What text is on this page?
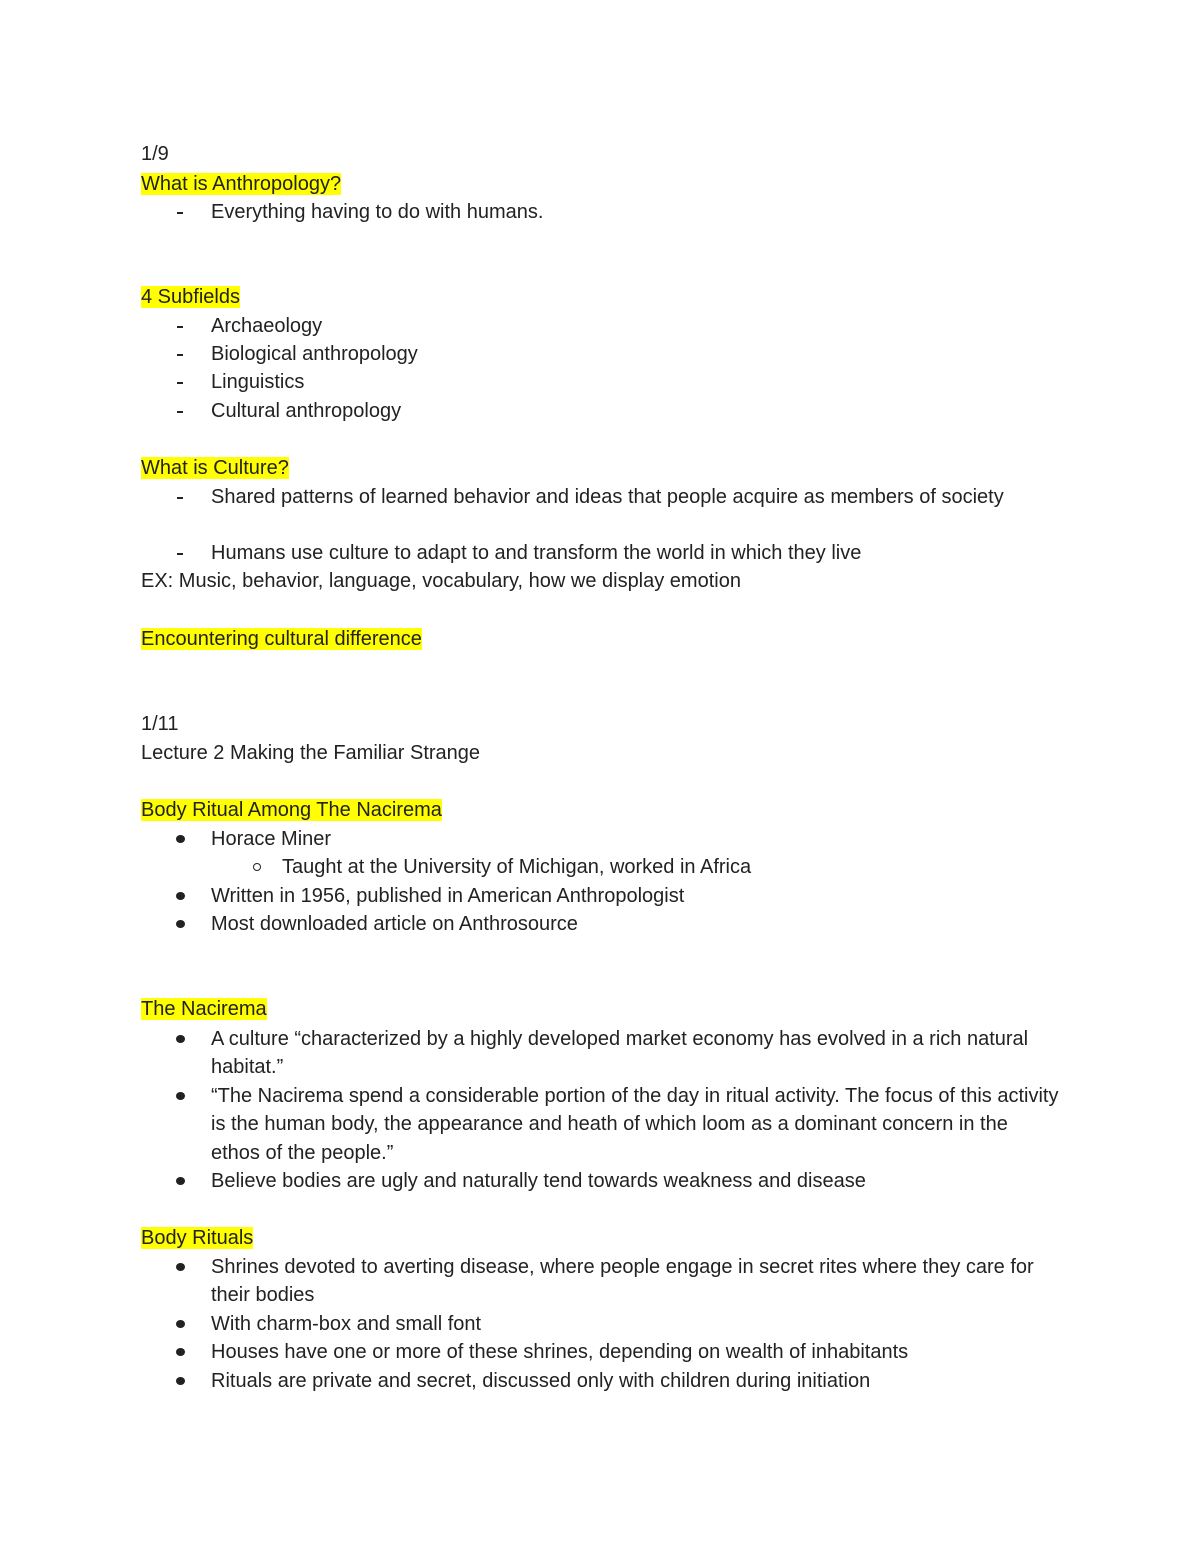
1/9
What is Anthropology?
Everything having to do with humans.
4 Subfields
Archaeology
Biological anthropology
Linguistics
Cultural anthropology
What is Culture?
Shared patterns of learned behavior and ideas that people acquire as members of society
Humans use culture to adapt to and transform the world in which they live
EX: Music, behavior, language, vocabulary, how we display emotion
Encountering cultural difference
1/11
Lecture 2 Making the Familiar Strange
Body Ritual Among The Nacirema
Horace Miner
Taught at the University of Michigan, worked in Africa
Written in 1956, published in American Anthropologist
Most downloaded article on Anthrosource
The Nacirema
A culture “characterized by a highly developed market economy has evolved in a rich natural habitat.”
“The Nacirema spend a considerable portion of the day in ritual activity. The focus of this activity is the human body, the appearance and heath of which loom as a dominant concern in the ethos of the people.”
Believe bodies are ugly and naturally tend towards weakness and disease
Body Rituals
Shrines devoted to averting disease, where people engage in secret rites where they care for their bodies
With charm-box and small font
Houses have one or more of these shrines, depending on wealth of inhabitants
Rituals are private and secret, discussed only with children during initiation
